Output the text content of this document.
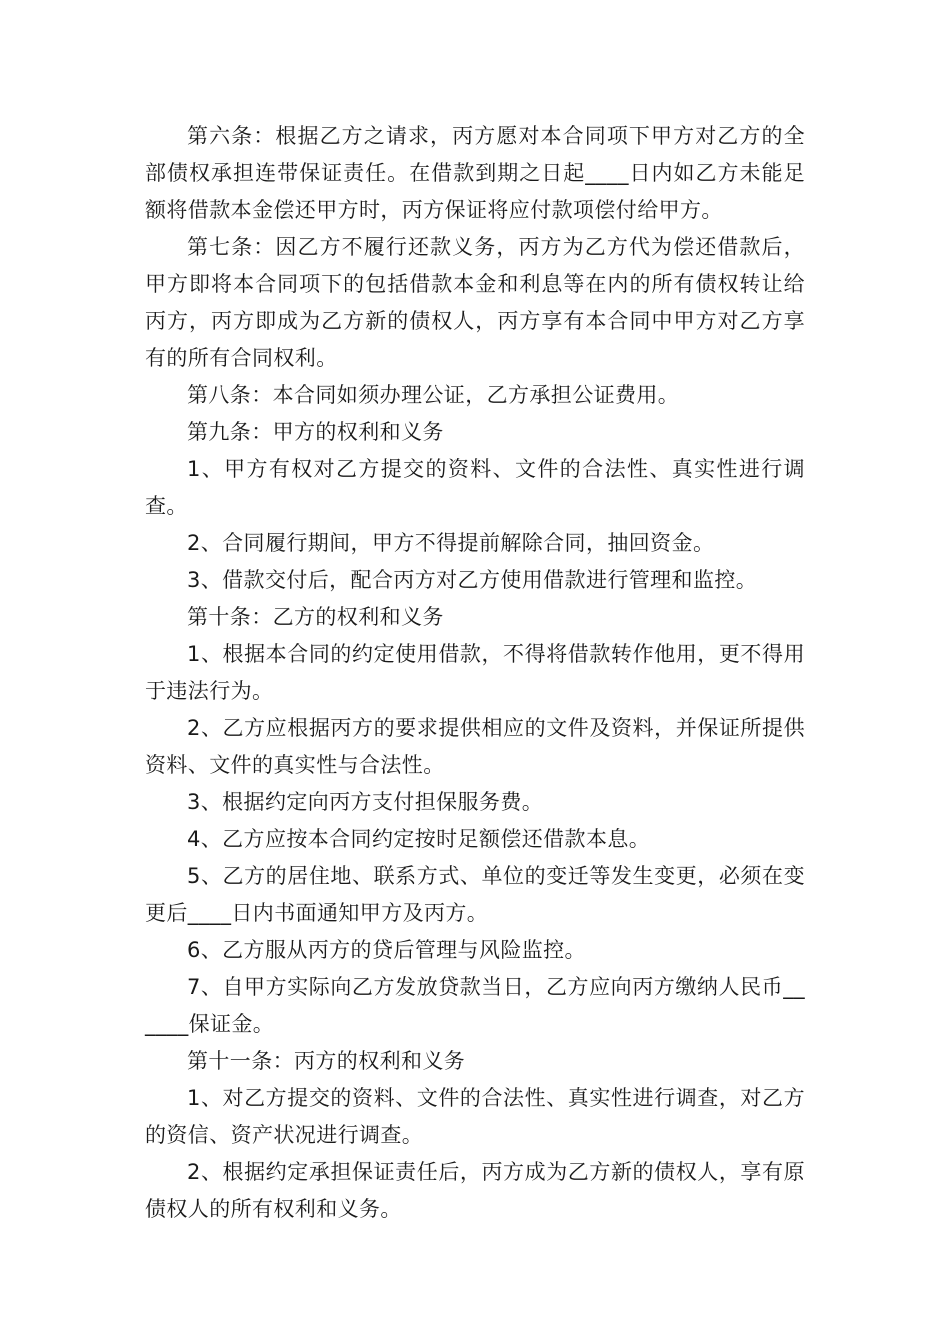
第六条：根据乙方之请求，丙方愿对本合同项下甲方对乙方的全部债权承担连带保证责任。在借款到期之日起____日内如乙方未能足额将借款本金偿还甲方时，丙方保证将应付款项偿付给甲方。

第七条：因乙方不履行还款义务，丙方为乙方代为偿还借款后，甲方即将本合同项下的包括借款本金和利息等在内的所有债权转让给丙方，丙方即成为乙方新的债权人，丙方享有本合同中甲方对乙方享有的所有合同权利。

第八条：本合同如须办理公证，乙方承担公证费用。

第九条：甲方的权利和义务

1、甲方有权对乙方提交的资料、文件的合法性、真实性进行调查。

2、合同履行期间，甲方不得提前解除合同，抽回资金。

3、借款交付后，配合丙方对乙方使用借款进行管理和监控。

第十条：乙方的权利和义务

1、根据本合同的约定使用借款，不得将借款转作他用，更不得用于违法行为。

2、乙方应根据丙方的要求提供相应的文件及资料，并保证所提供资料、文件的真实性与合法性。

3、根据约定向丙方支付担保服务费。

4、乙方应按本合同约定按时足额偿还借款本息。

5、乙方的居住地、联系方式、单位的变迁等发生变更，必须在变更后____日内书面通知甲方及丙方。

6、乙方服从丙方的贷后管理与风险监控。

7、自甲方实际向乙方发放贷款当日，乙方应向丙方缴纳人民币______保证金。

第十一条：丙方的权利和义务

1、对乙方提交的资料、文件的合法性、真实性进行调查，对乙方的资信、资产状况进行调查。

2、根据约定承担保证责任后，丙方成为乙方新的债权人，享有原债权人的所有权利和义务。
